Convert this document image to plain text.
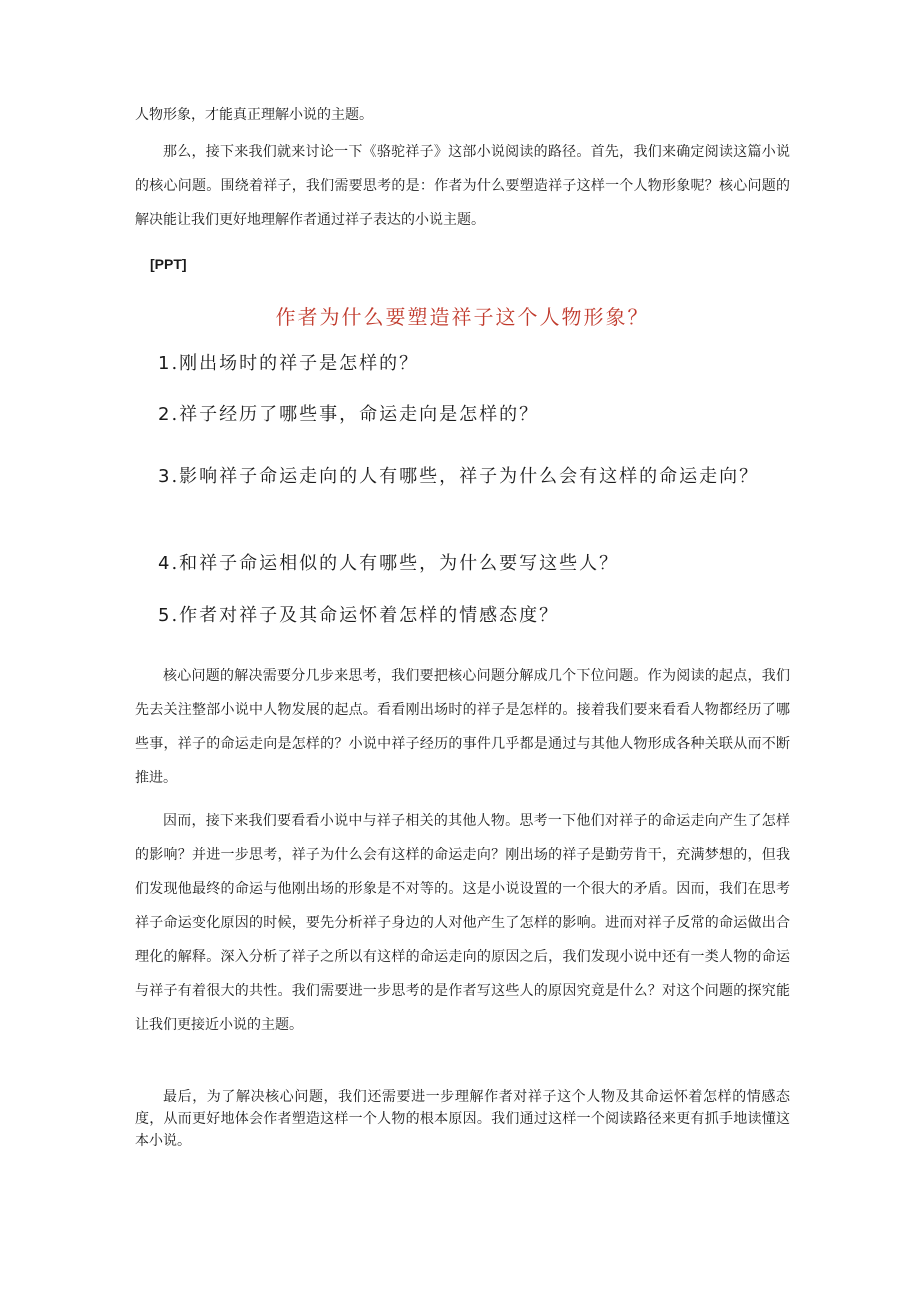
人物形象，才能真正理解小说的主题。

那么，接下来我们就来讨论一下《骆驼祥子》这部小说阅读的路径。首先，我们来确定阅读这篇小说的核心问题。围绕着祥子，我们需要思考的是：作者为什么要塑造祥子这样一个人物形象呢？核心问题的解决能让我们更好地理解作者通过祥子表达的小说主题。

[PPT]

作者为什么要塑造祥子这个人物形象？

1.刚出场时的祥子是怎样的？

2.祥子经历了哪些事，命运走向是怎样的？

3.影响祥子命运走向的人有哪些，祥子为什么会有这样的命运走向？

4.和祥子命运相似的人有哪些，为什么要写这些人？

5.作者对祥子及其命运怀着怎样的情感态度？

核心问题的解决需要分几步来思考，我们要把核心问题分解成几个下位问题。作为阅读的起点，我们先去关注整部小说中人物发展的起点。看看刚出场时的祥子是怎样的。接着我们要来看看人物都经历了哪些事，祥子的命运走向是怎样的？小说中祥子经历的事件几乎都是通过与其他人物形成各种关联从而不断推进。

因而，接下来我们要看看小说中与祥子相关的其他人物。思考一下他们对祥子的命运走向产生了怎样的影响？并进一步思考，祥子为什么会有这样的命运走向？刚出场的祥子是勤劳肯干，充满梦想的，但我们发现他最终的命运与他刚出场的形象是不对等的。这是小说设置的一个很大的矛盾。因而，我们在思考祥子命运变化原因的时候，要先分析祥子身边的人对他产生了怎样的影响。进而对祥子反常的命运做出合理化的解释。深入分析了祥子之所以有这样的命运走向的原因之后，我们发现小说中还有一类人物的命运与祥子有着很大的共性。我们需要进一步思考的是作者写这些人的原因究竟是什么？对这个问题的探究能让我们更接近小说的主题。

最后，为了解决核心问题，我们还需要进一步理解作者对祥子这个人物及其命运怀着怎样的情感态度，从而更好地体会作者塑造这样一个人物的根本原因。我们通过这样一个阅读路径来更有抓手地读懂这本小说。
